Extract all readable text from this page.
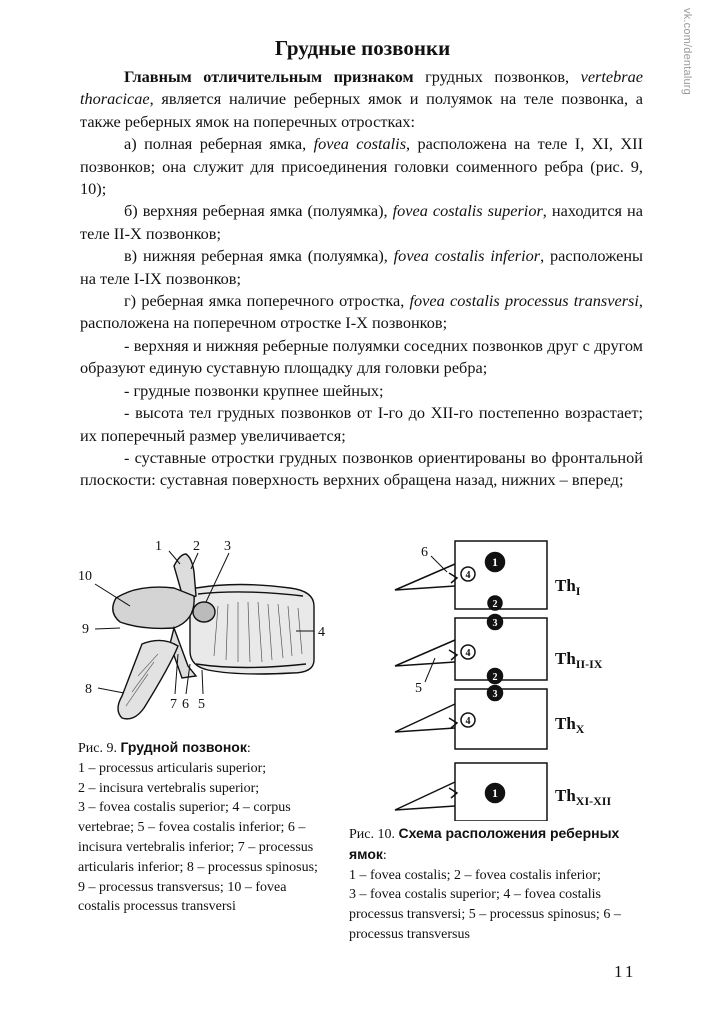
vk.com/dentalurg
Грудные позвонки

Главным отличительным признаком грудных позвонков, vertebrae thoracicae, является наличие реберных ямок и полуямок на теле позвонка, а также реберных ямок на поперечных отростках:

а) полная реберная ямка, fovea costalis, расположена на теле I, XI, XII позвонков; она служит для присоединения головки соименного ребра (рис. 9, 10);

б) верхняя реберная ямка (полуямка), fovea costalis superior, находится на теле II-X позвонков;

в) нижняя реберная ямка (полуямка), fovea costalis inferior, расположены на теле I-IX позвонков;

г) реберная ямка поперечного отростка, fovea costalis processus transversi, расположена на поперечном отростке I-X позвонков;

- верхняя и нижняя реберные полуямки соседних позвонков друг с другом образуют единую суставную площадку для головки ребра;

- грудные позвонки крупнее шейных;

- высота тел грудных позвонков от I-го до XII-го постепенно возрастает; их поперечный размер увеличивается;

- суставные отростки грудных позвонков ориентированы во фронтальной плоскости: суставная поверхность верхних обращена назад, нижних – вперед;

1 2 3
10
9	4
8
7 6 5

Рис. 9. Грудной позвонок:
1 – processus articularis superior;
2 – incisura vertebralis superior;
3 – fovea costalis superior; 4 – corpus vertebrae; 5 – fovea costalis inferior; 6 – incisura vertebralis inferior; 7 – processus articularis inferior; 8 – processus spinosus;
9 – processus transversus; 10 – fovea costalis processus transversi

1
2
4
3
2
4
3
4
1
6
5
$Th_I$
$Th_{II-IX}$
$Th_X$
$Th_{XI-XII}$

Рис. 10. Схема расположения реберных ямок:
1 – fovea costalis; 2 – fovea costalis inferior;
3 – fovea costalis superior; 4 – fovea costalis processus transversi; 5 – processus spinosus; 6 – processus transversus

11
